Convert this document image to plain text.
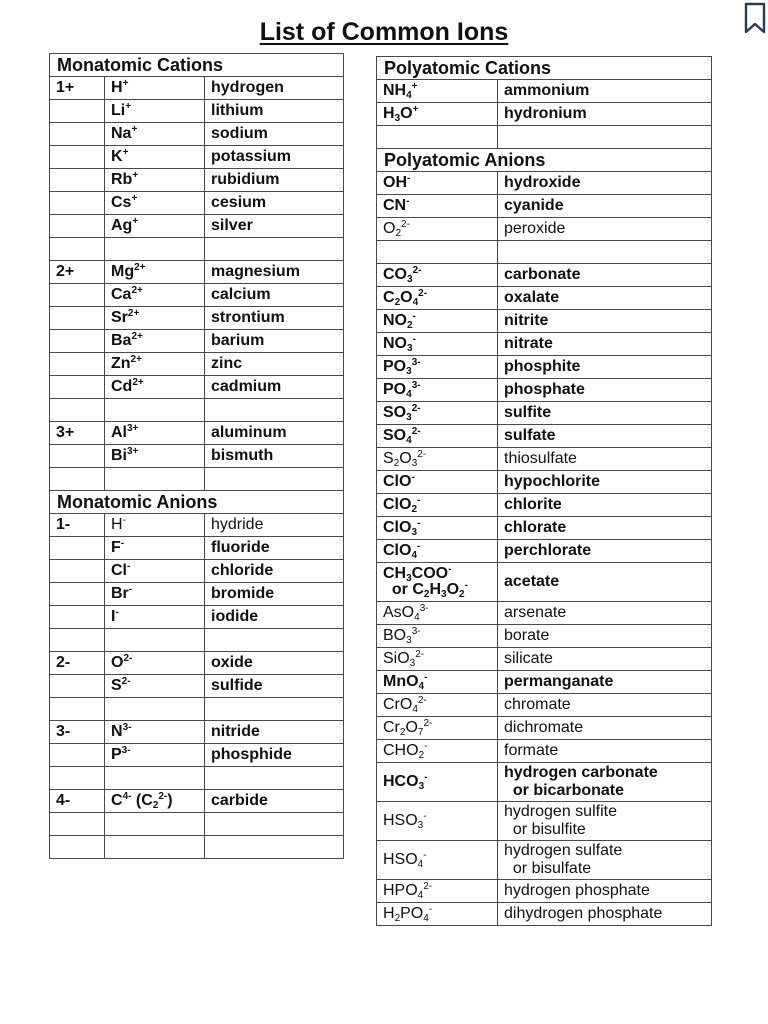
List of Common Ions
Monatomic Cations		
1+	H+	hydrogen
	Li+	lithium
	Na+	sodium
	K+	potassium
	Rb+	rubidium
	Cs+	cesium
	Ag+	silver

2+	$Mg^{2+}$	magnesium
	$Ca^{2+}$	calcium
	$Sr^{2+}$	strontium
	$Ba^{2+}$	barium
	$Zn^{2+}$	zinc
	$Cd^{2+}$	cadmium

3+	$Al^{3+}$	aluminum
	$Bi^{3+}$	bismuth

Monatomic Anions		
1-	H-	hydride
	F-	fluoride
	Cl-	chloride
	Br-	bromide
	I-	iodide

2-	$O^{2-}$	oxide
	$S^{2-}$	sulfide

3-	$N^{3-}$	nitride
	$P^{3-}$	phosphide

4-	$C^{4-}$ $(C_2^{2-})$	carbide

Polyatomic Cations	
$NH_4^+$	ammonium
$H_3O^+$	hydronium

Polyatomic Anions	
OH-	hydroxide
CN-	cyanide
$O_2^{2-}$	peroxide

$CO_3^{2-}$	carbonate
$C_2O_4^{2-}$	oxalate
$NO_2^-$	nitrite
$NO_3^-$	nitrate
$PO_3^{3-}$	phosphite
$PO_4^{3-}$	phosphate
$SO_3^{2-}$	sulfite
$SO_4^{2-}$	sulfate
$S_2O_3^{2-}$	thiosulfate
ClO-	hypochlorite
ClO$_2$-	chlorite
ClO$_3$-	chlorate
ClO$_4$-	perchlorate
$CH_3COO^-$
or $C_2H_3O_2^-$	acetate
AsO$_4^{3-}$	arsenate
$BO_3^{3-}$	borate
SiO$_3^{2-}$	silicate
MnO$_4$-	permanganate
CrO$_4^{2-}$	chromate
$Cr_2O_7^{2-}$	dichromate
$CHO_2^-$	formate
$HCO_3^-$	hydrogen carbonate
or bicarbonate
$HSO_3^-$	hydrogen sulfite
or bisulfite
$HSO_4^-$	hydrogen sulfate
or bisulfate
$HPO_4^{2-}$	hydrogen phosphate
$H_2PO_4^-$	dihydrogen phosphate
